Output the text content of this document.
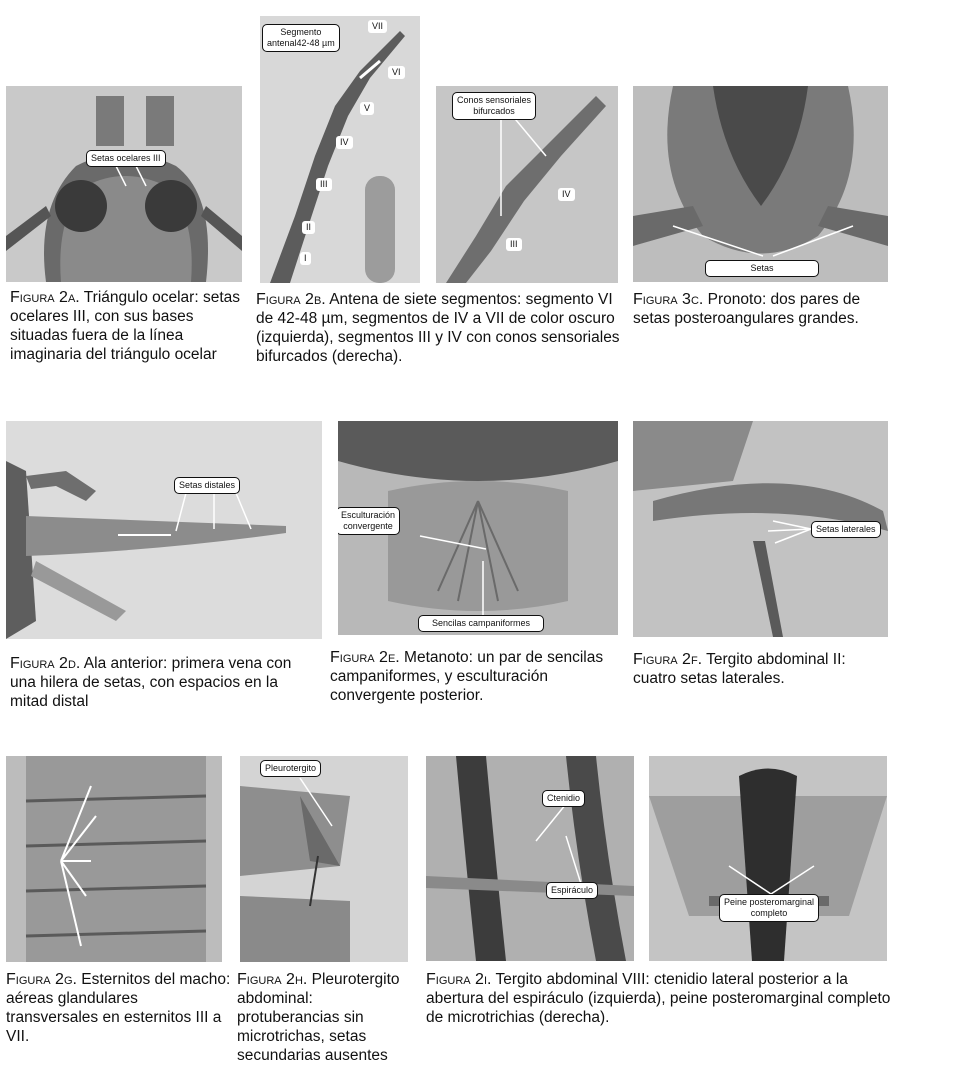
Setas ocelares III
Figura 2a. Triángulo ocelar: setas ocelares III, con sus bases situadas fuera de la línea imaginaria del triángulo ocelar
Segmento
antenal42-48 µm
VII
VI
V
IV
III
II
I
Conos sensoriales
bifurcados
IV
III
Figura 2b. Antena de siete segmentos: segmento VI de 42-48 µm, segmentos de IV a VII de color oscuro (izquierda), segmentos III y IV con conos sensoriales bifurcados (derecha).
Setas
Figura 3c. Pronoto: dos pares de setas posteroangulares grandes.
Setas distales
Figura 2d. Ala anterior: primera vena con una hilera de setas, con espacios en la mitad distal
Esculturación
convergente
Sencilas campaniformes
Figura 2e. Metanoto: un par de sencilas campaniformes, y esculturación convergente posterior.
Setas laterales
Figura 2f. Tergito abdominal II: cuatro setas laterales.
Figura 2g. Esternitos del macho: aéreas glandulares transversales en esternitos III a VII.
Pleurotergito
Figura 2h. Pleurotergito abdominal: protuberancias sin microtrichas, setas secundarias ausentes
Ctenidio
Espiráculo
Peine posteromarginal
completo
Figura 2i. Tergito abdominal VIII: ctenidio lateral posterior a la abertura del espiráculo (izquierda), peine posteromarginal completo de microtrichias (derecha).
